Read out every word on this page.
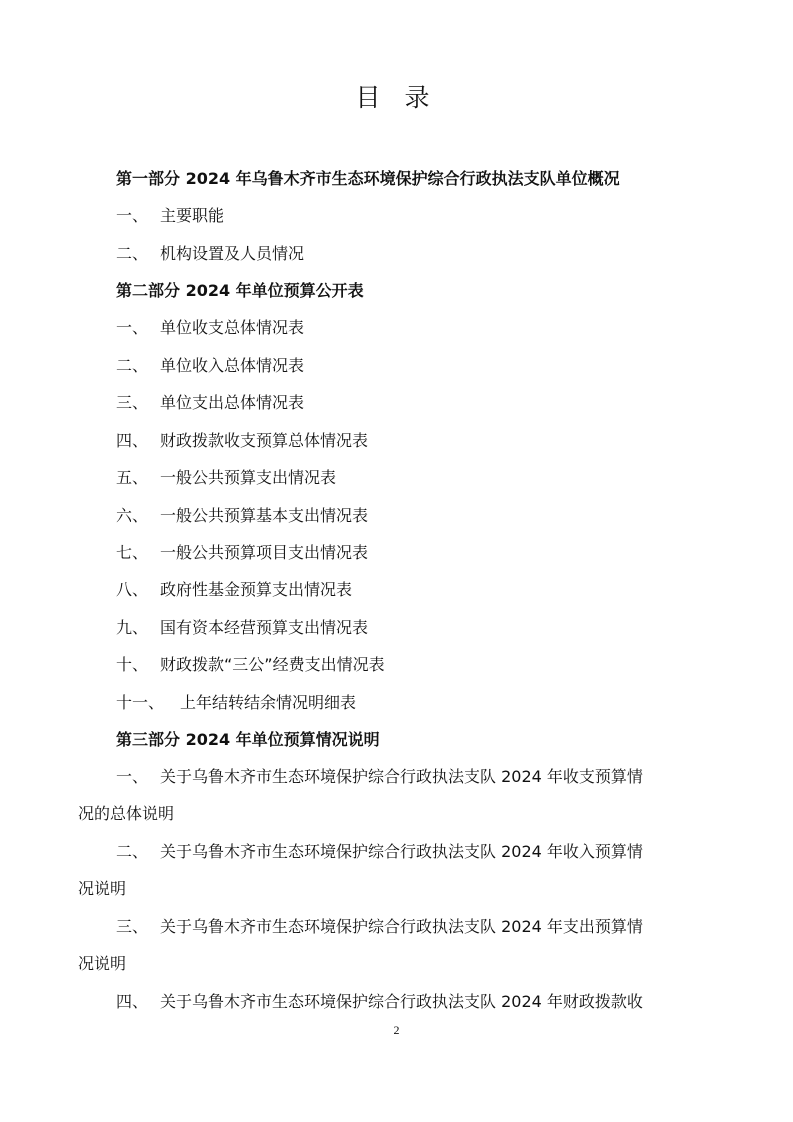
目 录
第一部分 2024 年乌鲁木齐市生态环境保护综合行政执法支队单位概况
一、 主要职能
二、 机构设置及人员情况
第二部分 2024 年单位预算公开表
一、 单位收支总体情况表
二、 单位收入总体情况表
三、 单位支出总体情况表
四、 财政拨款收支预算总体情况表
五、 一般公共预算支出情况表
六、 一般公共预算基本支出情况表
七、 一般公共预算项目支出情况表
八、 政府性基金预算支出情况表
九、 国有资本经营预算支出情况表
十、 财政拨款“三公”经费支出情况表
十一、 上年结转结余情况明细表
第三部分 2024 年单位预算情况说明
一、 关于乌鲁木齐市生态环境保护综合行政执法支队 2024 年收支预算情
况的总体说明
二、 关于乌鲁木齐市生态环境保护综合行政执法支队 2024 年收入预算情
况说明
三、 关于乌鲁木齐市生态环境保护综合行政执法支队 2024 年支出预算情
况说明
四、 关于乌鲁木齐市生态环境保护综合行政执法支队 2024 年财政拨款收
2
